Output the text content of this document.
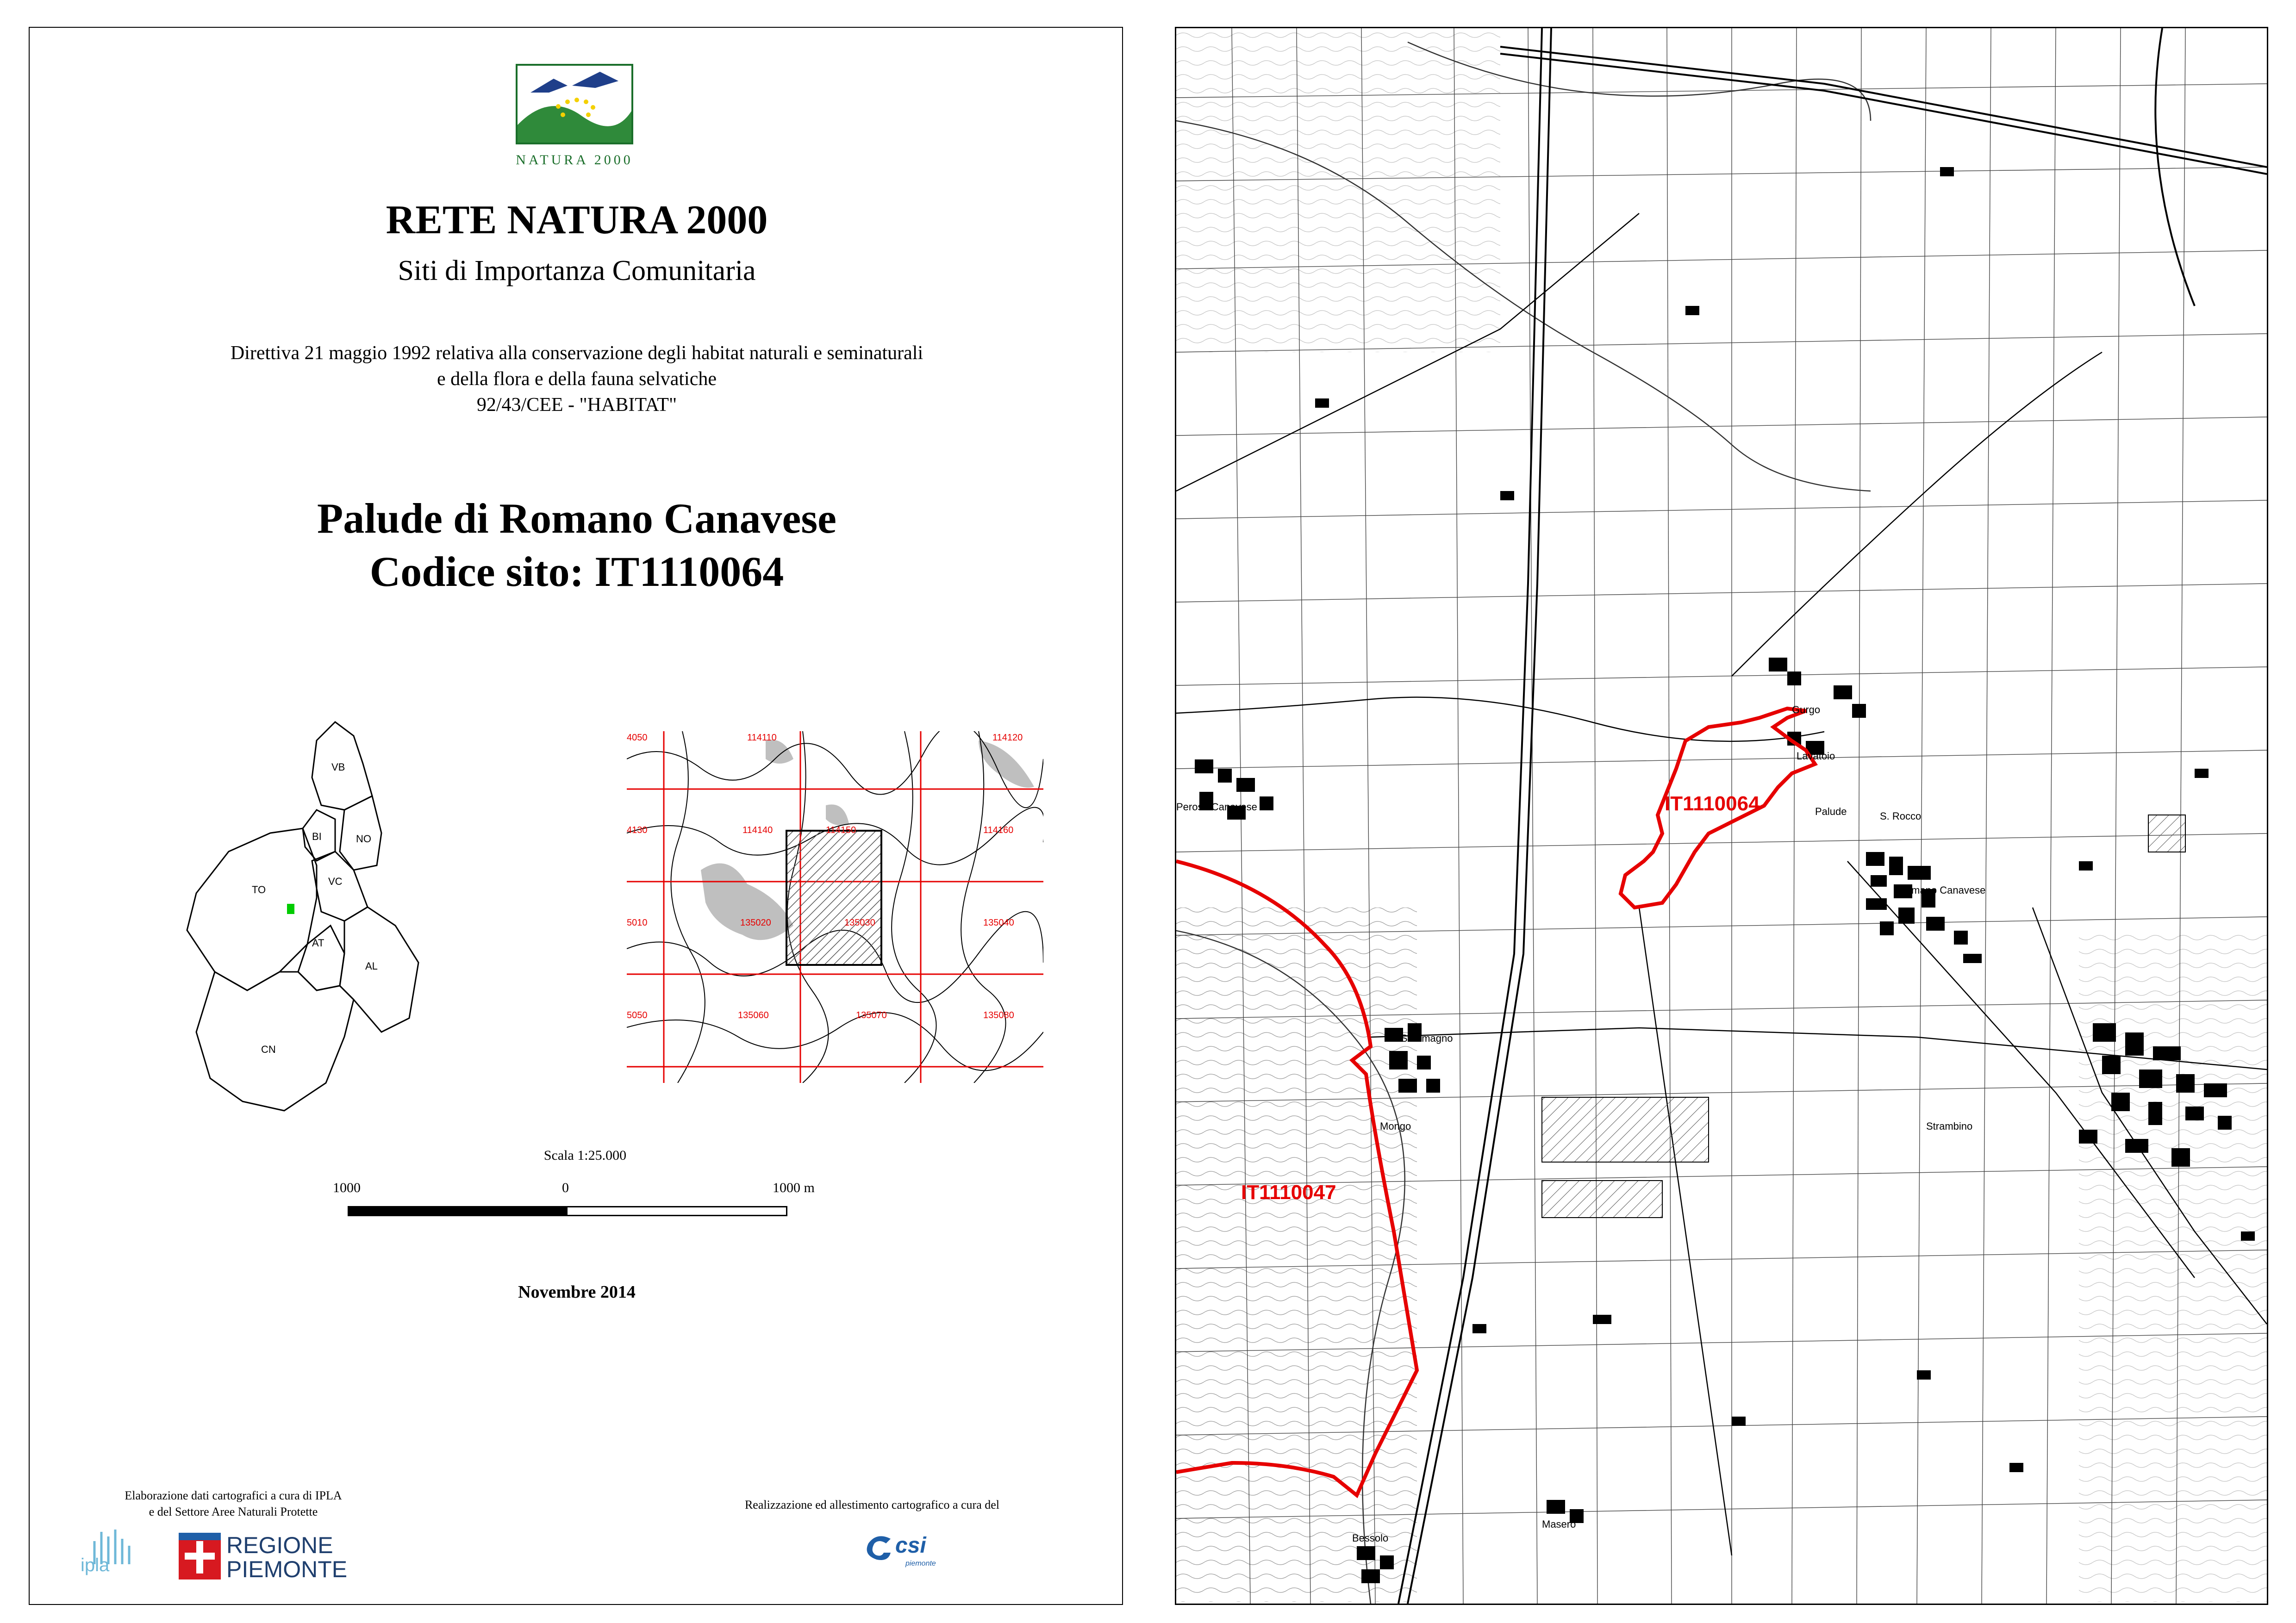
NATURA 2000
RETE NATURA 2000
Siti di Importanza Comunitaria
Direttiva 21 maggio 1992 relativa alla conservazione degli habitat naturali e seminaturali
e della flora e della fauna selvatiche
92/43/CEE - "HABITAT"
Palude di Romano Canavese
Codice sito: IT1110064
VB
BI	NO
VC
TO
AT
AL
CN
114110	114120
4130	114140	114150	114160
5010	135020	135030	135040
5050	135060	135070	135080
4050
Scala 1:25.000
1000	0	1000 m
Novembre 2014
Elaborazione dati cartografici a cura di IPLA
e del Settore Aree Naturali Protette
Realizzazione ed allestimento cartografico a cura del
ipla
REGIONE
PIEMONTE
csi
piemonte
IT1110064
IT1110047
Perosa Canavese
Romano Canavese
S. Rocco
Scarmagno
Strambino
Bessolo
Masero
Gurgo
Lavatoio
Palude
Mongo
